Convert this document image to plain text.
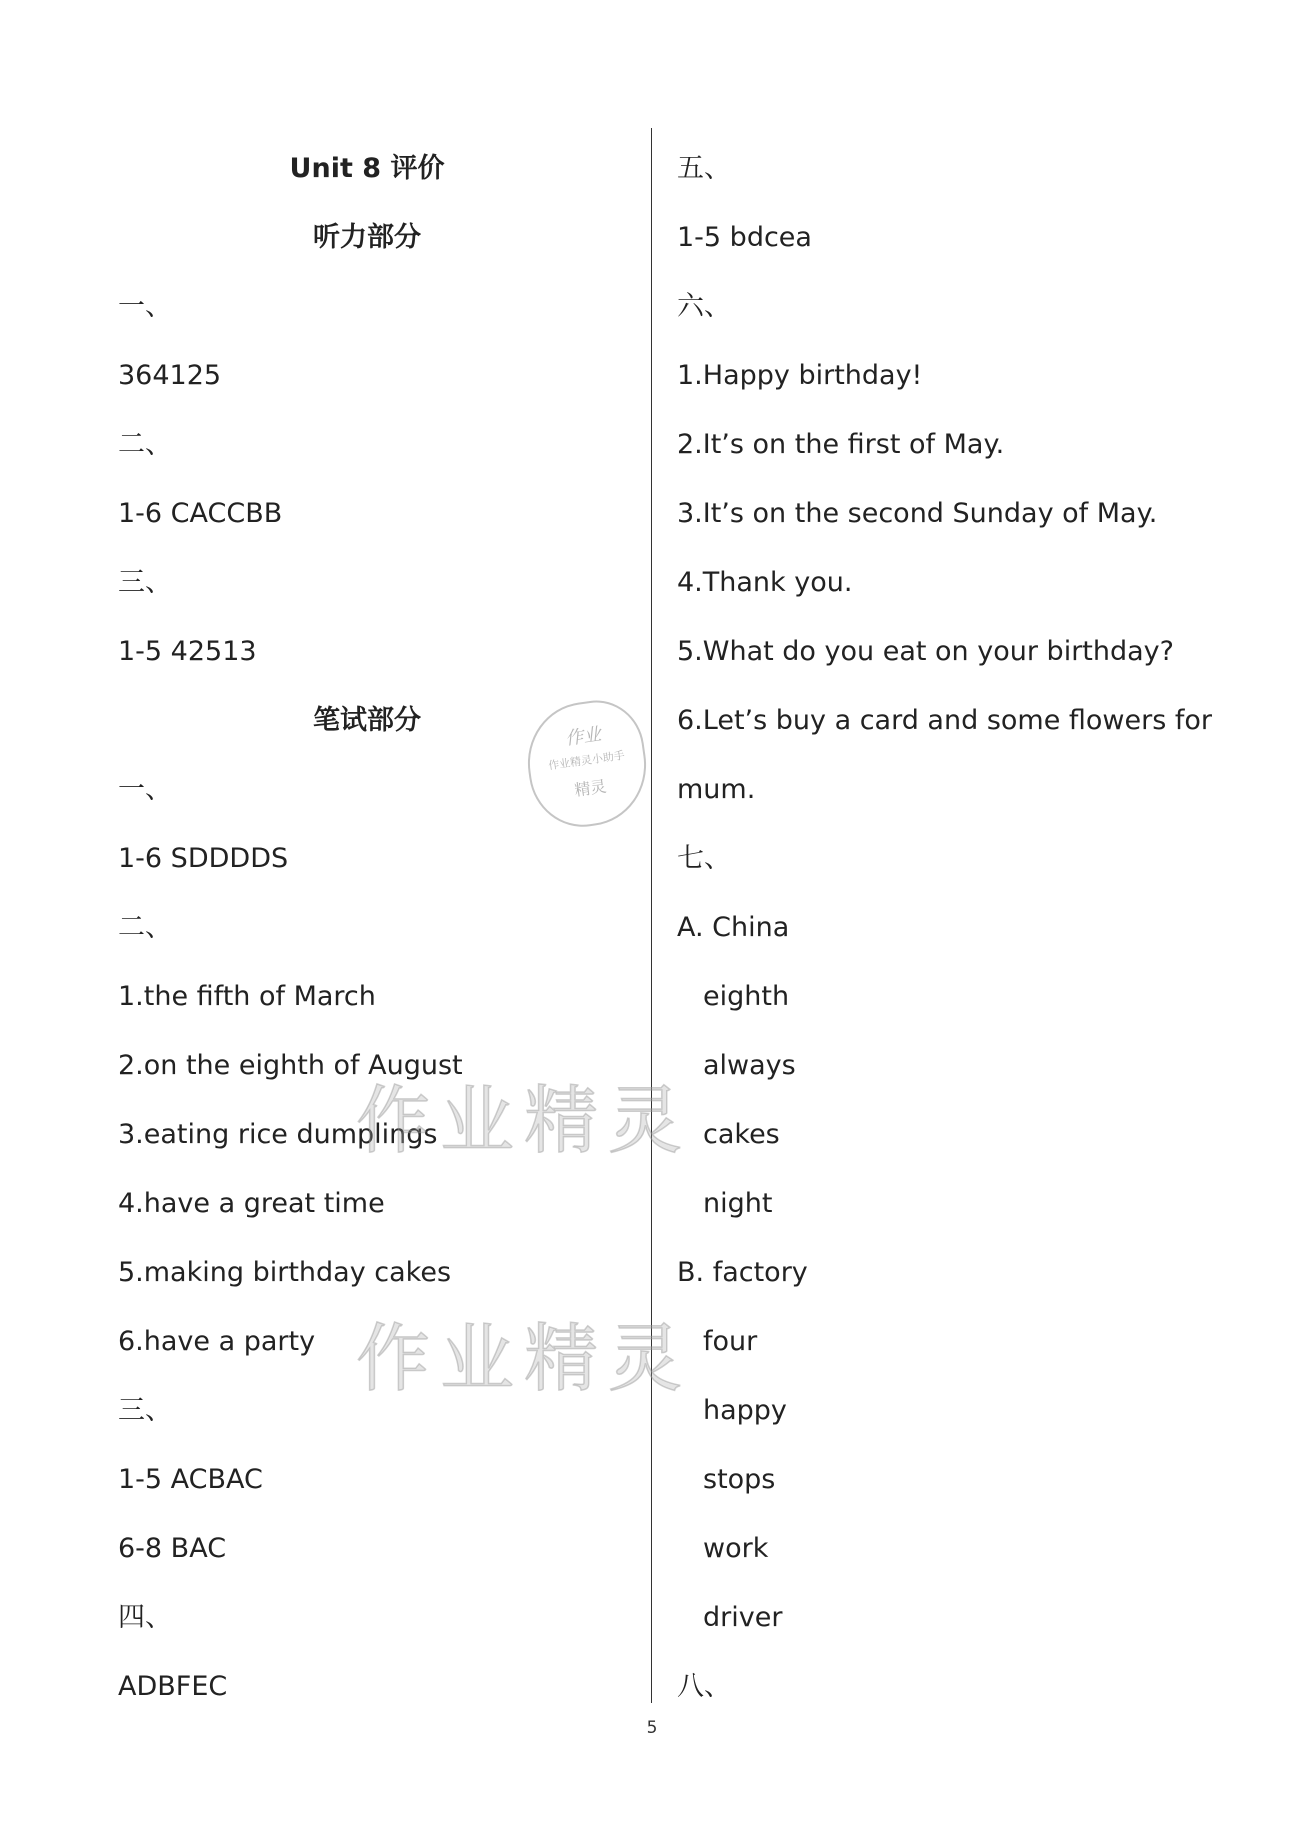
Unit 8 评价
听力部分
一、
364125
二、
1-6 CACCBB
三、
1-5 42513
笔试部分
一、
1-6 SDDDDS
二、
1.the fifth of March
2.on the eighth of August
3.eating rice dumplings
4.have a great time
5.making birthday cakes
6.have a party
三、
1-5 ACBAC
6-8 BAC
四、
ADBFEC
五、
1-5 bdcea
六、
1.Happy birthday!
2.It’s on the first of May.
3.It’s on the second Sunday of May.
4.Thank you.
5.What do you eat on your birthday?
6.Let’s buy a card and some flowers for
mum.
七、
A. China
eighth
always
cakes
night
B. factory
four
happy
stops
work
driver
八、
5
作业精灵
作业精灵
作业
作业精灵小助手
精灵
